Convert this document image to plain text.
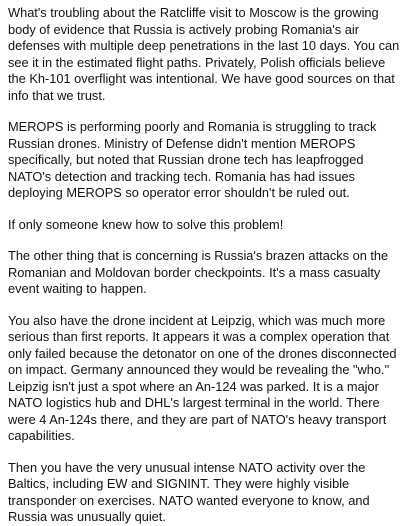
What's troubling about the Ratcliffe visit to Moscow is the growing body of evidence that Russia is actively probing Romania's air defenses with multiple deep penetrations in the last 10 days. You can see it in the estimated flight paths. Privately, Polish officials believe the Kh-101 overflight was intentional. We have good sources on that info that we trust.

MEROPS is performing poorly and Romania is struggling to track Russian drones. Ministry of Defense didn't mention MEROPS specifically, but noted that Russian drone tech has leapfrogged NATO's detection and tracking tech. Romania has had issues deploying MEROPS so operator error shouldn't be ruled out.

If only someone knew how to solve this problem!

The other thing that is concerning is Russia's brazen attacks on the Romanian and Moldovan border checkpoints. It's a mass casualty event waiting to happen.

You also have the drone incident at Leipzig, which was much more serious than first reports. It appears it was a complex operation that only failed because the detonator on one of the drones disconnected on impact. Germany announced they would be revealing the "who." Leipzig isn't just a spot where an An-124 was parked. It is a major NATO logistics hub and DHL's largest terminal in the world. There were 4 An-124s there, and they are part of NATO's heavy transport capabilities.

Then you have the very unusual intense NATO activity over the Baltics, including EW and SIGNINT. They were highly visible transponder on exercises. NATO wanted everyone to know, and Russia was unusually quiet.
